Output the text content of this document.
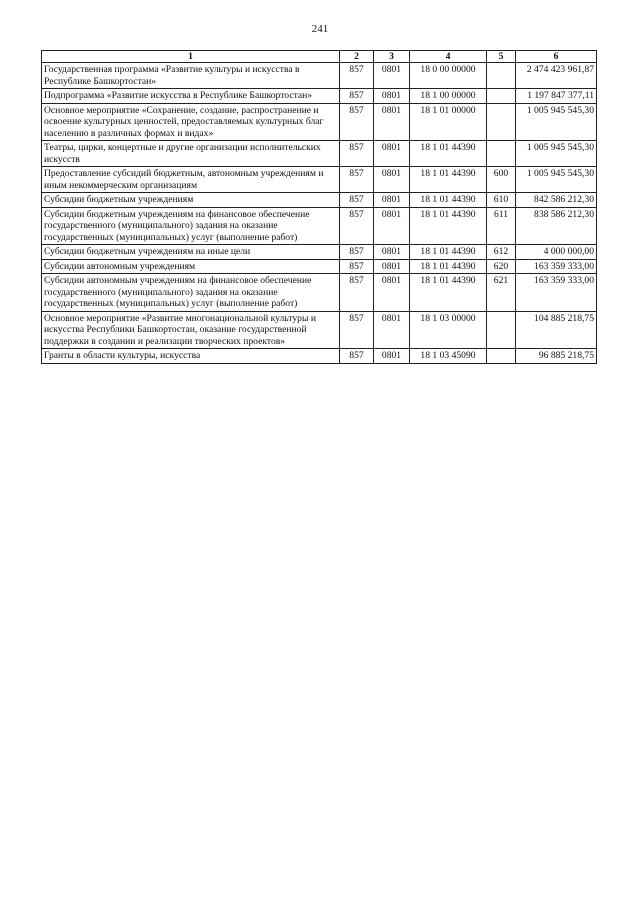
241
1	2	3	4	5	6
Государственная программа «Развитие культуры и искусства в Республике Башкортостан»	857	0801	18 0 00 00000		2 474 423 961,87
Подпрограмма «Развитие искусства в Республике Башкортостан»	857	0801	18 1 00 00000		1 197 847 377,11
Основное мероприятие «Сохранение, создание, распространение и освоение культурных ценностей, предоставляемых культурных благ населению в различных формах и видах»	857	0801	18 1 01 00000		1 005 945 545,30
Театры, цирки, концертные и другие организации исполнительских искусств	857	0801	18 1 01 44390		1 005 945 545,30
Предоставление субсидий бюджетным, автономным учреждениям и иным некоммерческим организациям	857	0801	18 1 01 44390	600	1 005 945 545,30
Субсидии бюджетным учреждениям	857	0801	18 1 01 44390	610	842 586 212,30
Субсидии бюджетным учреждениям на финансовое обеспечение государственного (муниципального) задания на оказание государственных (муниципальных) услуг (выполнение работ)	857	0801	18 1 01 44390	611	838 586 212,30
Субсидии бюджетным учреждениям на иные цели	857	0801	18 1 01 44390	612	4 000 000,00
Субсидии автономным учреждениям	857	0801	18 1 01 44390	620	163 359 333,00
Субсидии автономным учреждениям на финансовое обеспечение государственного (муниципального) задания на оказание государственных (муниципальных) услуг (выполнение работ)	857	0801	18 1 01 44390	621	163 359 333,00
Основное мероприятие «Развитие многонациональной культуры и искусства Республики Башкортостан, оказание государственной поддержки в создании и реализации творческих проектов»	857	0801	18 1 03 00000		104 885 218,75
Гранты в области культуры, искусства	857	0801	18 1 03 45090		96 885 218,75
